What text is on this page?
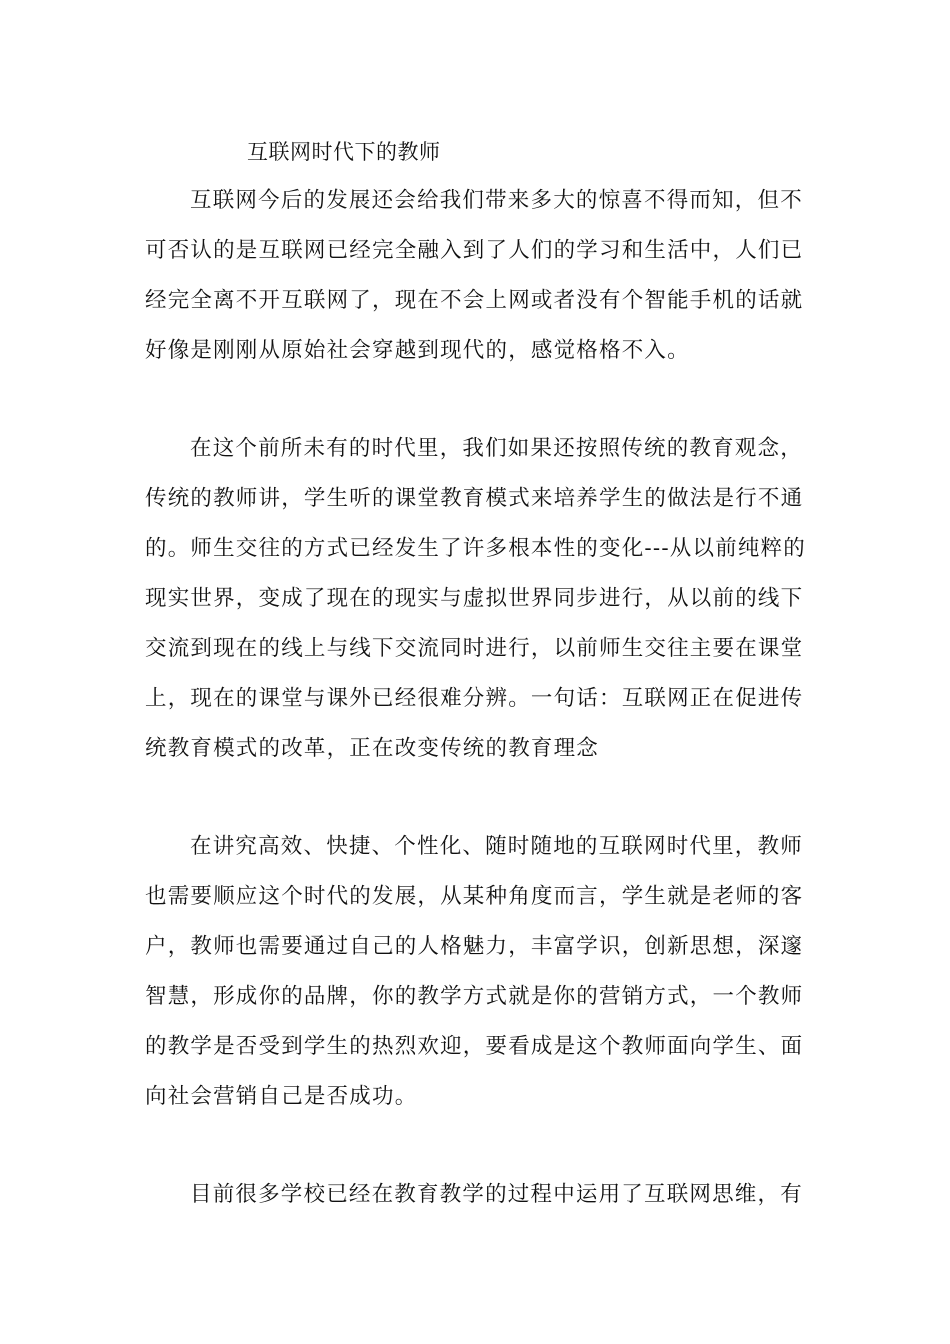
互联网时代下的教师
互联网今后的发展还会给我们带来多大的惊喜不得而知，但不
可否认的是互联网已经完全融入到了人们的学习和生活中，人们已
经完全离不开互联网了，现在不会上网或者没有个智能手机的话就
好像是刚刚从原始社会穿越到现代的，感觉格格不入。
在这个前所未有的时代里，我们如果还按照传统的教育观念，
传统的教师讲，学生听的课堂教育模式来培养学生的做法是行不通
的。师生交往的方式已经发生了许多根本性的变化---从以前纯粹的
现实世界，变成了现在的现实与虚拟世界同步进行，从以前的线下
交流到现在的线上与线下交流同时进行，以前师生交往主要在课堂
上，现在的课堂与课外已经很难分辨。一句话：互联网正在促进传
统教育模式的改革，正在改变传统的教育理念
在讲究高效、快捷、个性化、随时随地的互联网时代里，教师
也需要顺应这个时代的发展，从某种角度而言，学生就是老师的客
户，教师也需要通过自己的人格魅力，丰富学识，创新思想，深邃
智慧，形成你的品牌，你的教学方式就是你的营销方式，一个教师
的教学是否受到学生的热烈欢迎，要看成是这个教师面向学生、面
向社会营销自己是否成功。
目前很多学校已经在教育教学的过程中运用了互联网思维，有
